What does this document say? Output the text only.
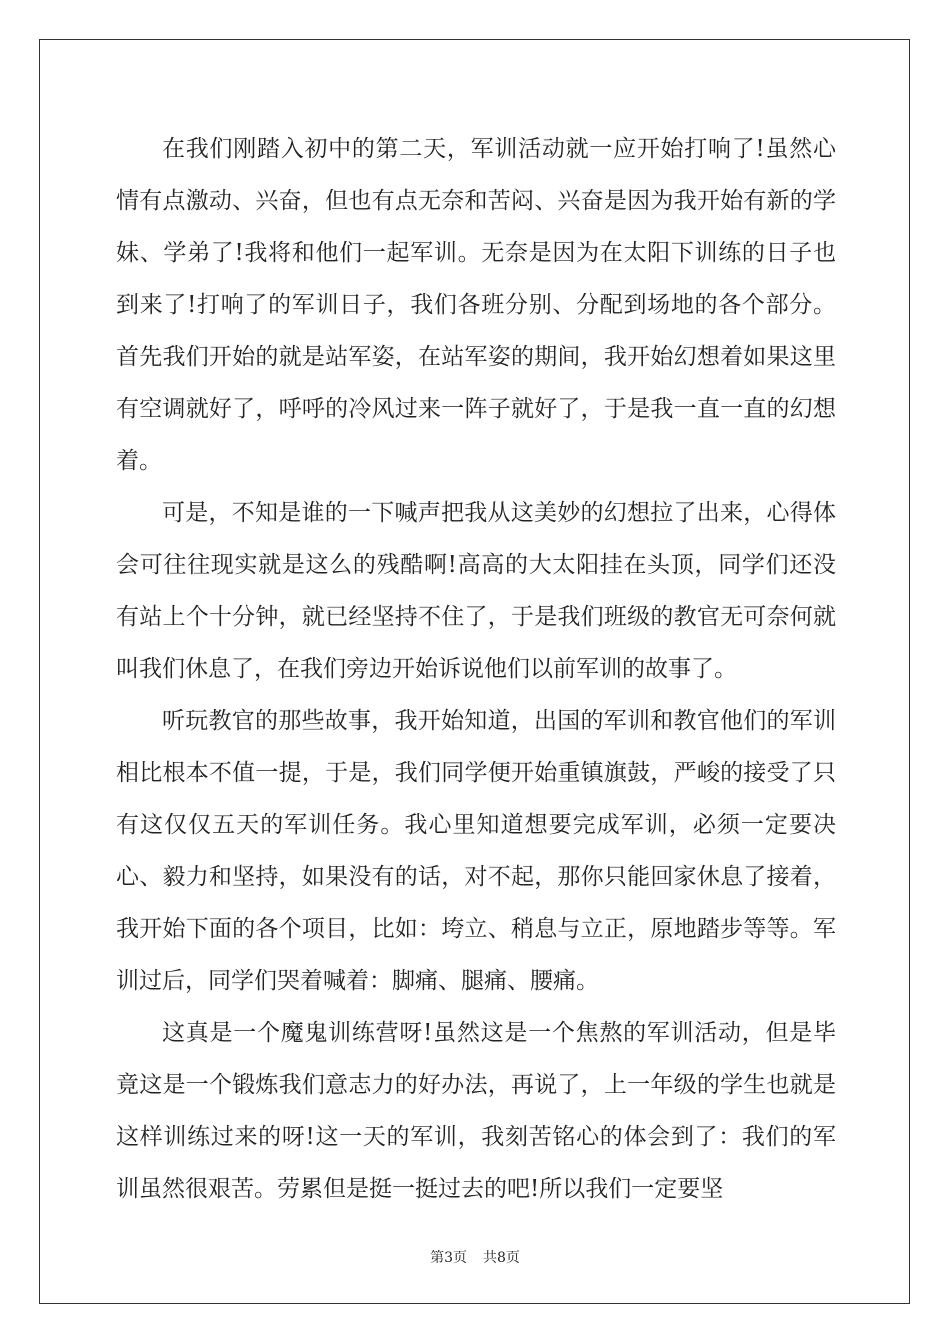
在我们刚踏入初中的第二天，军训活动就一应开始打响了!虽然心情有点激动、兴奋，但也有点无奈和苦闷、兴奋是因为我开始有新的学妹、学弟了!我将和他们一起军训。无奈是因为在太阳下训练的日子也到来了!打响了的军训日子，我们各班分别、分配到场地的各个部分。首先我们开始的就是站军姿，在站军姿的期间，我开始幻想着如果这里有空调就好了，呼呼的冷风过来一阵子就好了，于是我一直一直的幻想着。

可是，不知是谁的一下喊声把我从这美妙的幻想拉了出来，心得体会可往往现实就是这么的残酷啊!高高的大太阳挂在头顶，同学们还没有站上个十分钟，就已经坚持不住了，于是我们班级的教官无可奈何就叫我们休息了，在我们旁边开始诉说他们以前军训的故事了。

听玩教官的那些故事，我开始知道，出国的军训和教官他们的军训相比根本不值一提，于是，我们同学便开始重镇旗鼓，严峻的接受了只有这仅仅五天的军训任务。我心里知道想要完成军训，必须一定要决心、毅力和坚持，如果没有的话，对不起，那你只能回家休息了接着，我开始下面的各个项目，比如：垮立、稍息与立正，原地踏步等等。军训过后，同学们哭着喊着：脚痛、腿痛、腰痛。

这真是一个魔鬼训练营呀!虽然这是一个焦熬的军训活动，但是毕竟这是一个锻炼我们意志力的好办法，再说了，上一年级的学生也就是这样训练过来的呀!这一天的军训，我刻苦铭心的体会到了：我们的军训虽然很艰苦。劳累但是挺一挺过去的吧!所以我们一定要坚

第3页 共8页
